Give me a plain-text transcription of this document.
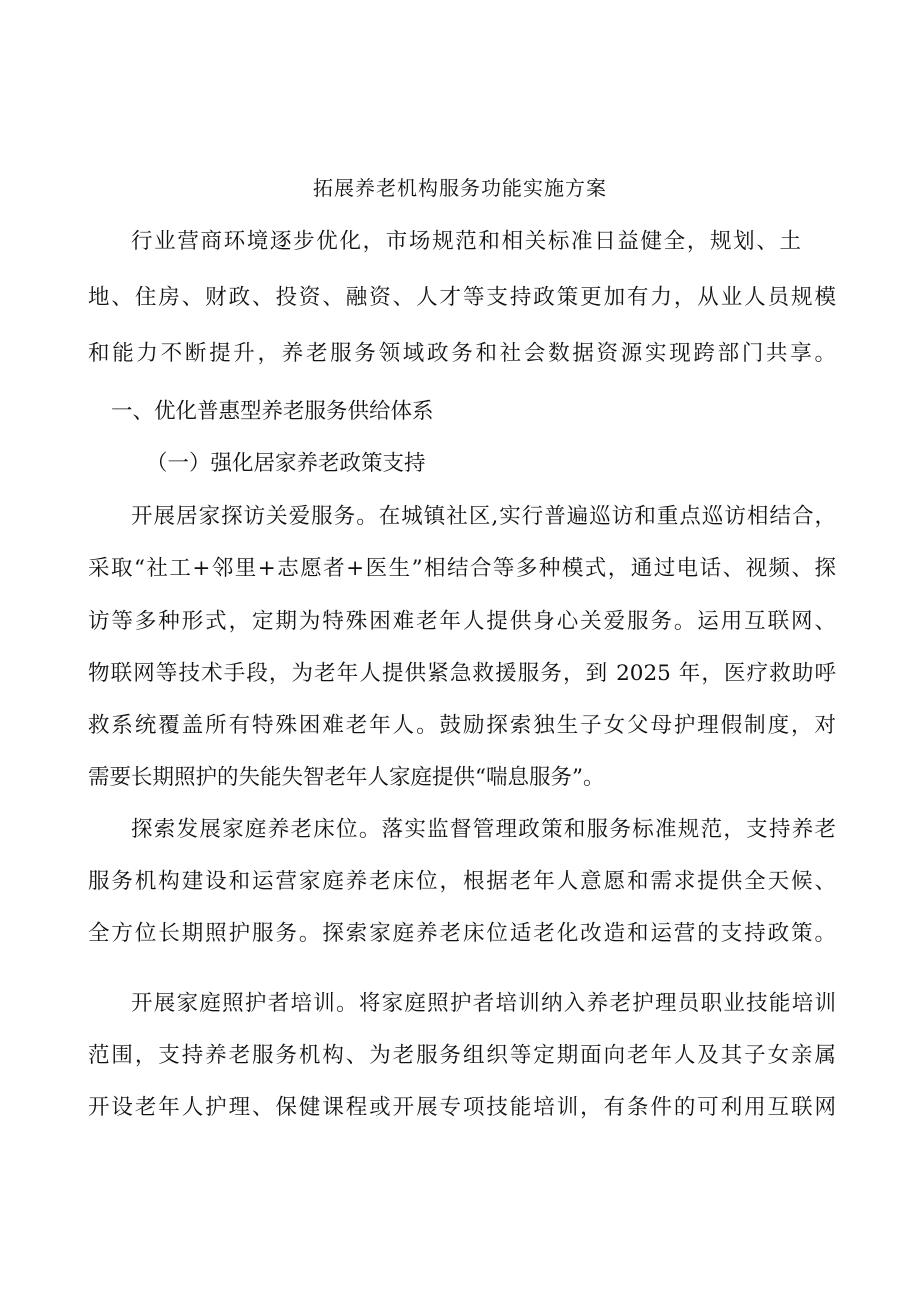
拓展养老机构服务功能实施方案

行业营商环境逐步优化，市场规范和相关标准日益健全，规划、土

地、住房、财政、投资、融资、人才等支持政策更加有力，从业人员规模

和能力不断提升，养老服务领域政务和社会数据资源实现跨部门共享。

一、优化普惠型养老服务供给体系

（一）强化居家养老政策支持

开展居家探访关爱服务。在城镇社区,实行普遍巡访和重点巡访相结合，

采取“社工+邻里+志愿者+医生”相结合等多种模式，通过电话、视频、探

访等多种形式，定期为特殊困难老年人提供身心关爱服务。运用互联网、

物联网等技术手段，为老年人提供紧急救援服务，到 2025 年，医疗救助呼

救系统覆盖所有特殊困难老年人。鼓励探索独生子女父母护理假制度，对

需要长期照护的失能失智老年人家庭提供“喘息服务”。

探索发展家庭养老床位。落实监督管理政策和服务标准规范，支持养老

服务机构建设和运营家庭养老床位，根据老年人意愿和需求提供全天候、

全方位长期照护服务。探索家庭养老床位适老化改造和运营的支持政策。

开展家庭照护者培训。将家庭照护者培训纳入养老护理员职业技能培训

范围，支持养老服务机构、为老服务组织等定期面向老年人及其子女亲属

开设老年人护理、保健课程或开展专项技能培训，有条件的可利用互联网
